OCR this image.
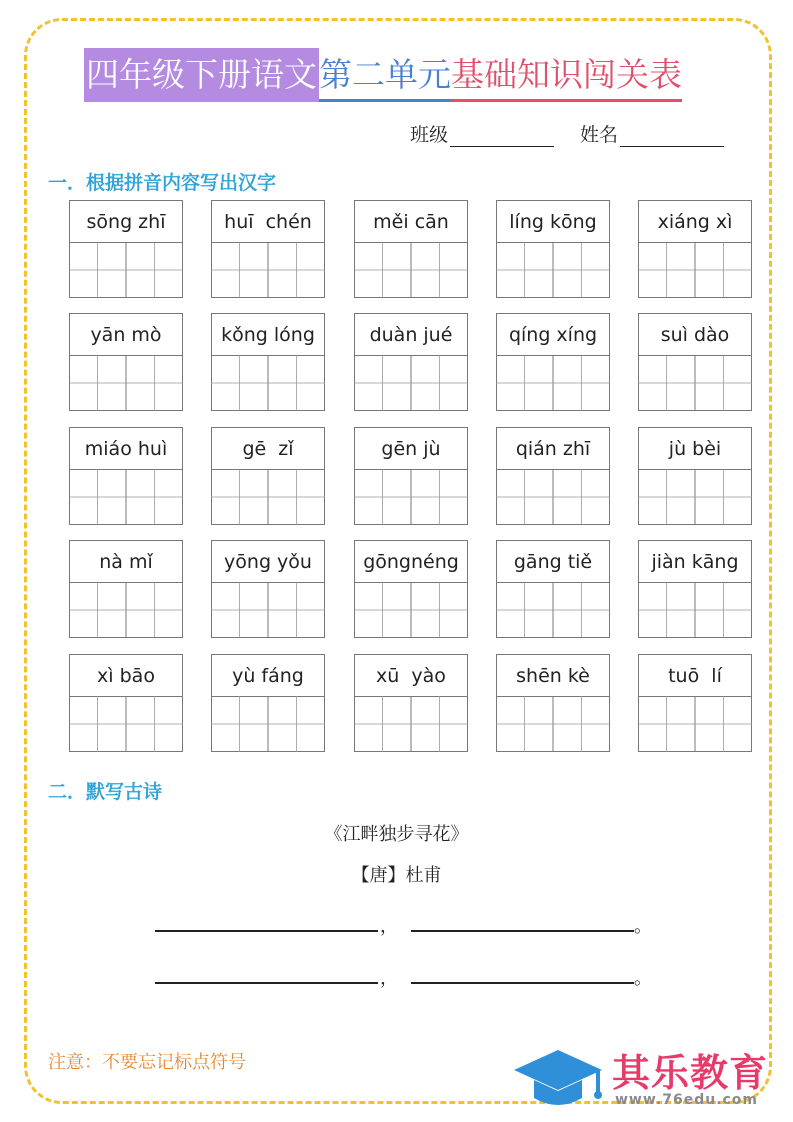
四年级下册语文 第二单元 基础知识闯关表
班级	姓名
一．根据拼音内容写出汉字
sōng zhī	huī  chén	měi cān	líng kōng	xiáng xì
yān mò	kǒng lóng	duàn jué	qíng xíng	suì dào
miáo huì	gē  zǐ	gēn jù	qián zhī	jù bèi
nà mǐ	yōng yǒu	gōngnéng	gāng tiě	jiàn kāng
xì bāo	yù fáng	xū  yào	shēn kè	tuō  lí
二．默写古诗
《江畔独步寻花》
【唐】杜甫
，	。
，	。
注意：不要忘记标点符号	其乐教育
www.76edu.com
